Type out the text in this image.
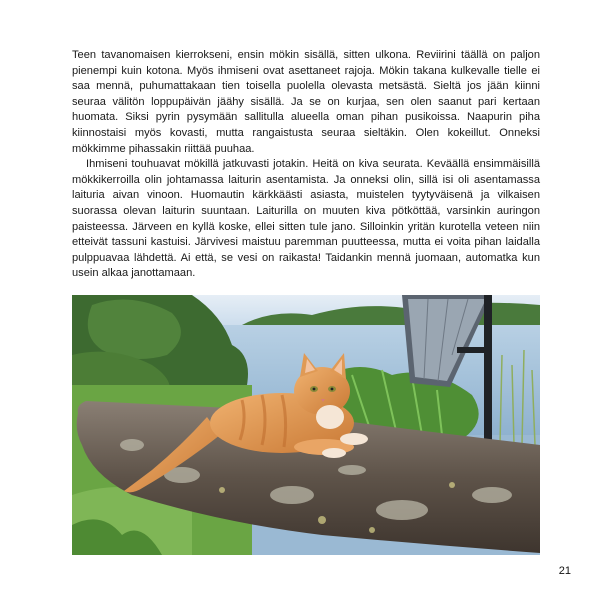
Teen tavanomaisen kierrokseni, ensin mökin sisällä, sitten ulkona. Reviirini täällä on paljon pienempi kuin kotona. Myös ihmiseni ovat asettaneet rajoja. Mökin takana kulkevalle tielle ei saa mennä, puhumattakaan tien toisella puolella olevasta metsästä. Sieltä jos jään kiinni seuraa välitön loppupäivän jäähy sisällä. Ja se on kurjaa, sen olen saanut pari kertaan huomata. Siksi pyrin pysymään sallitulla alueella oman pihan pusikoissa. Naapurin piha kiinnostaisi myös kovasti, mutta rangaistusta seuraa sieltäkin. Olen kokeillut. Onneksi mökkimme pihassakin riittää puuhaa.

Ihmiseni touhuavat mökillä jatkuvasti jotakin. Heitä on kiva seurata. Keväällä ensimmäisillä mökkikerroilla olin johtamassa laiturin asentamista. Ja onneksi olin, sillä isi oli asentamassa laituria aivan vinoon. Huomautin kärkkäästi asiasta, muistelen tyytyväisenä ja vilkaisen suorassa olevan laiturin suuntaan. Laiturilla on muuten kiva pötköttää, varsinkin auringon paisteessa. Järveen en kyllä koske, ellei sitten tule jano. Silloinkin yritän kurotella veteen niin etteivät tassuni kastuisi. Järvivesi maistuu paremman puutteessa, mutta ei voita pihan laidalla pulppuavaa lähdettä. Ai että, se vesi on raikasta! Taidankin mennä juomaan, automatka kun usein alkaa janottamaan.

21
